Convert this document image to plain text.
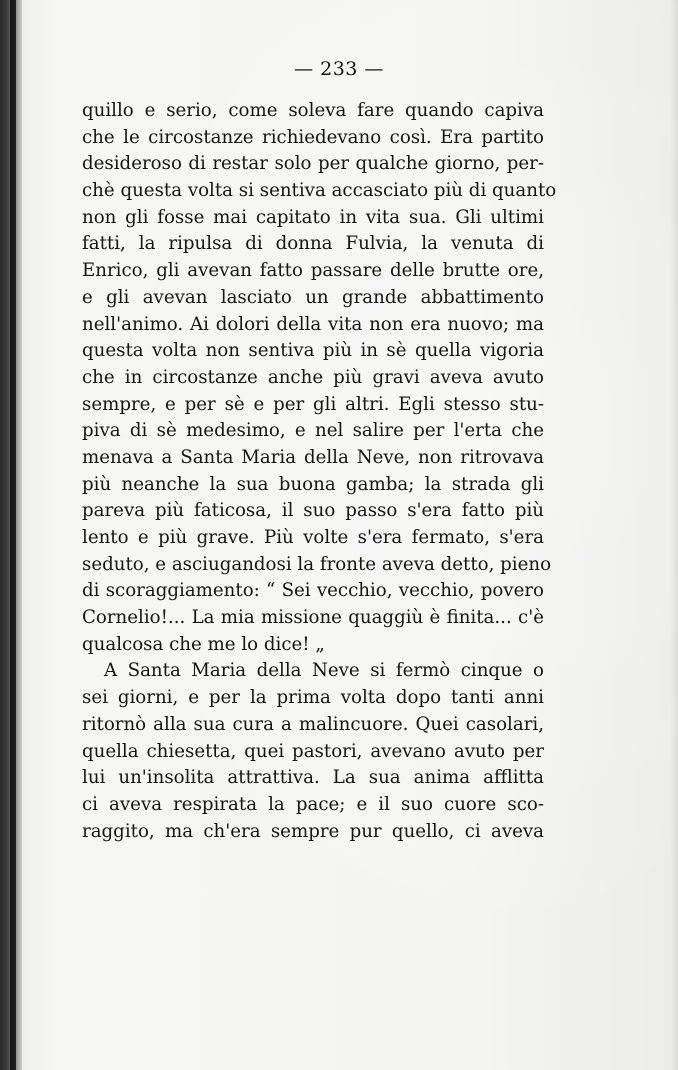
— 233 —
quillo e serio, come soleva fare quando capiva
che le circostanze richiedevano così. Era partito
desideroso di restar solo per qualche giorno, per-
chè questa volta si sentiva accasciato più di quanto
non gli fosse mai capitato in vita sua. Gli ultimi
fatti, la ripulsa di donna Fulvia, la venuta di
Enrico, gli avevan fatto passare delle brutte ore,
e gli avevan lasciato un grande abbattimento
nell'animo. Ai dolori della vita non era nuovo; ma
questa volta non sentiva più in sè quella vigoria
che in circostanze anche più gravi aveva avuto
sempre, e per sè e per gli altri. Egli stesso stu-
piva di sè medesimo, e nel salire per l'erta che
menava a Santa Maria della Neve, non ritrovava
più neanche la sua buona gamba; la strada gli
pareva più faticosa, il suo passo s'era fatto più
lento e più grave. Più volte s'era fermato, s'era
seduto, e asciugandosi la fronte aveva detto, pieno
di scoraggiamento: “ Sei vecchio, vecchio, povero
Cornelio!... La mia missione quaggiù è finita... c'è
qualcosa che me lo dice! „
A Santa Maria della Neve si fermò cinque o
sei giorni, e per la prima volta dopo tanti anni
ritornò alla sua cura a malincuore. Quei casolari,
quella chiesetta, quei pastori, avevano avuto per
lui un'insolita attrattiva. La sua anima afflitta
ci aveva respirata la pace; e il suo cuore sco-
raggito, ma ch'era sempre pur quello, ci aveva
